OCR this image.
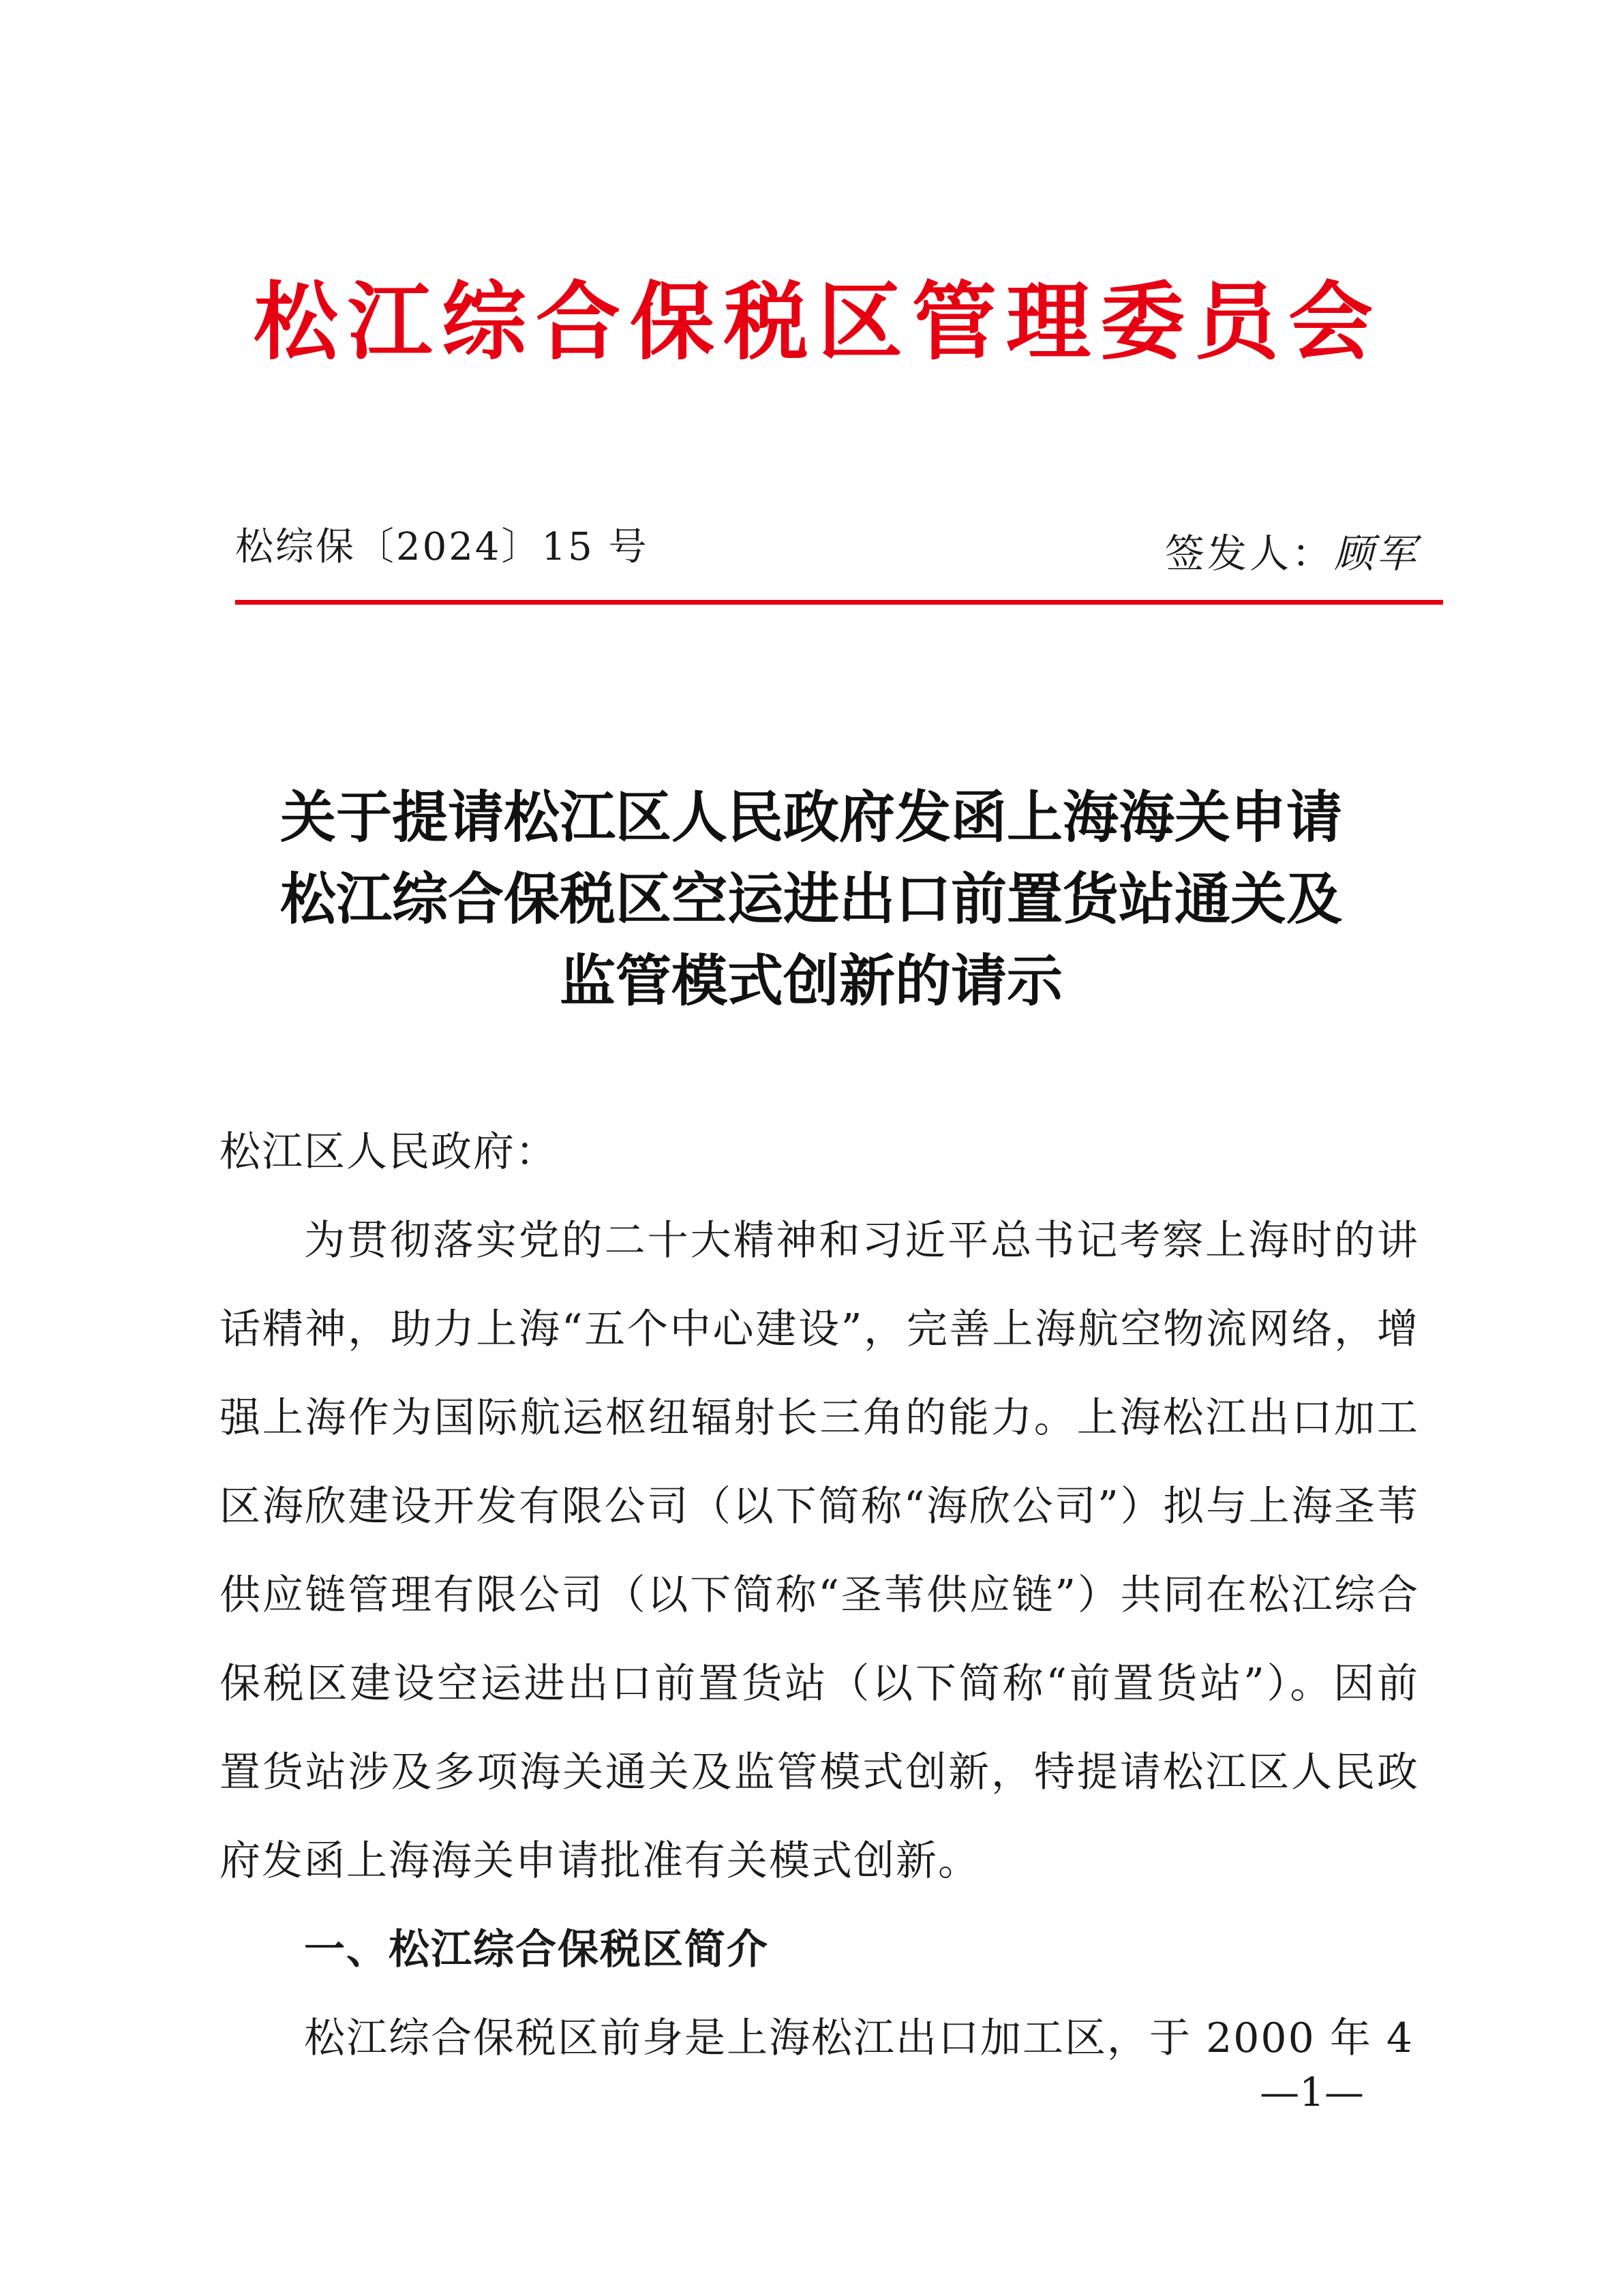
松江综合保税区管理委员会
松综保〔2024〕15 号	签发人：顾军
关于提请松江区人民政府发函上海海关申请
松江综合保税区空运进出口前置货站通关及
监管模式创新的请示

松江区人民政府：

为贯彻落实党的二十大精神和习近平总书记考察上海时的讲话精神，助力上海“五个中心建设”，完善上海航空物流网络，增强上海作为国际航运枢纽辐射长三角的能力。上海松江出口加工区海欣建设开发有限公司（以下简称“海欣公司”）拟与上海圣苇供应链管理有限公司（以下简称“圣苇供应链”）共同在松江综合保税区建设空运进出口前置货站（以下简称“前置货站”）。因前置货站涉及多项海关通关及监管模式创新，特提请松江区人民政府发函上海海关申请批准有关模式创新。

一、松江综合保税区简介

松江综合保税区前身是上海松江出口加工区，于 2000 年 4

—1—
